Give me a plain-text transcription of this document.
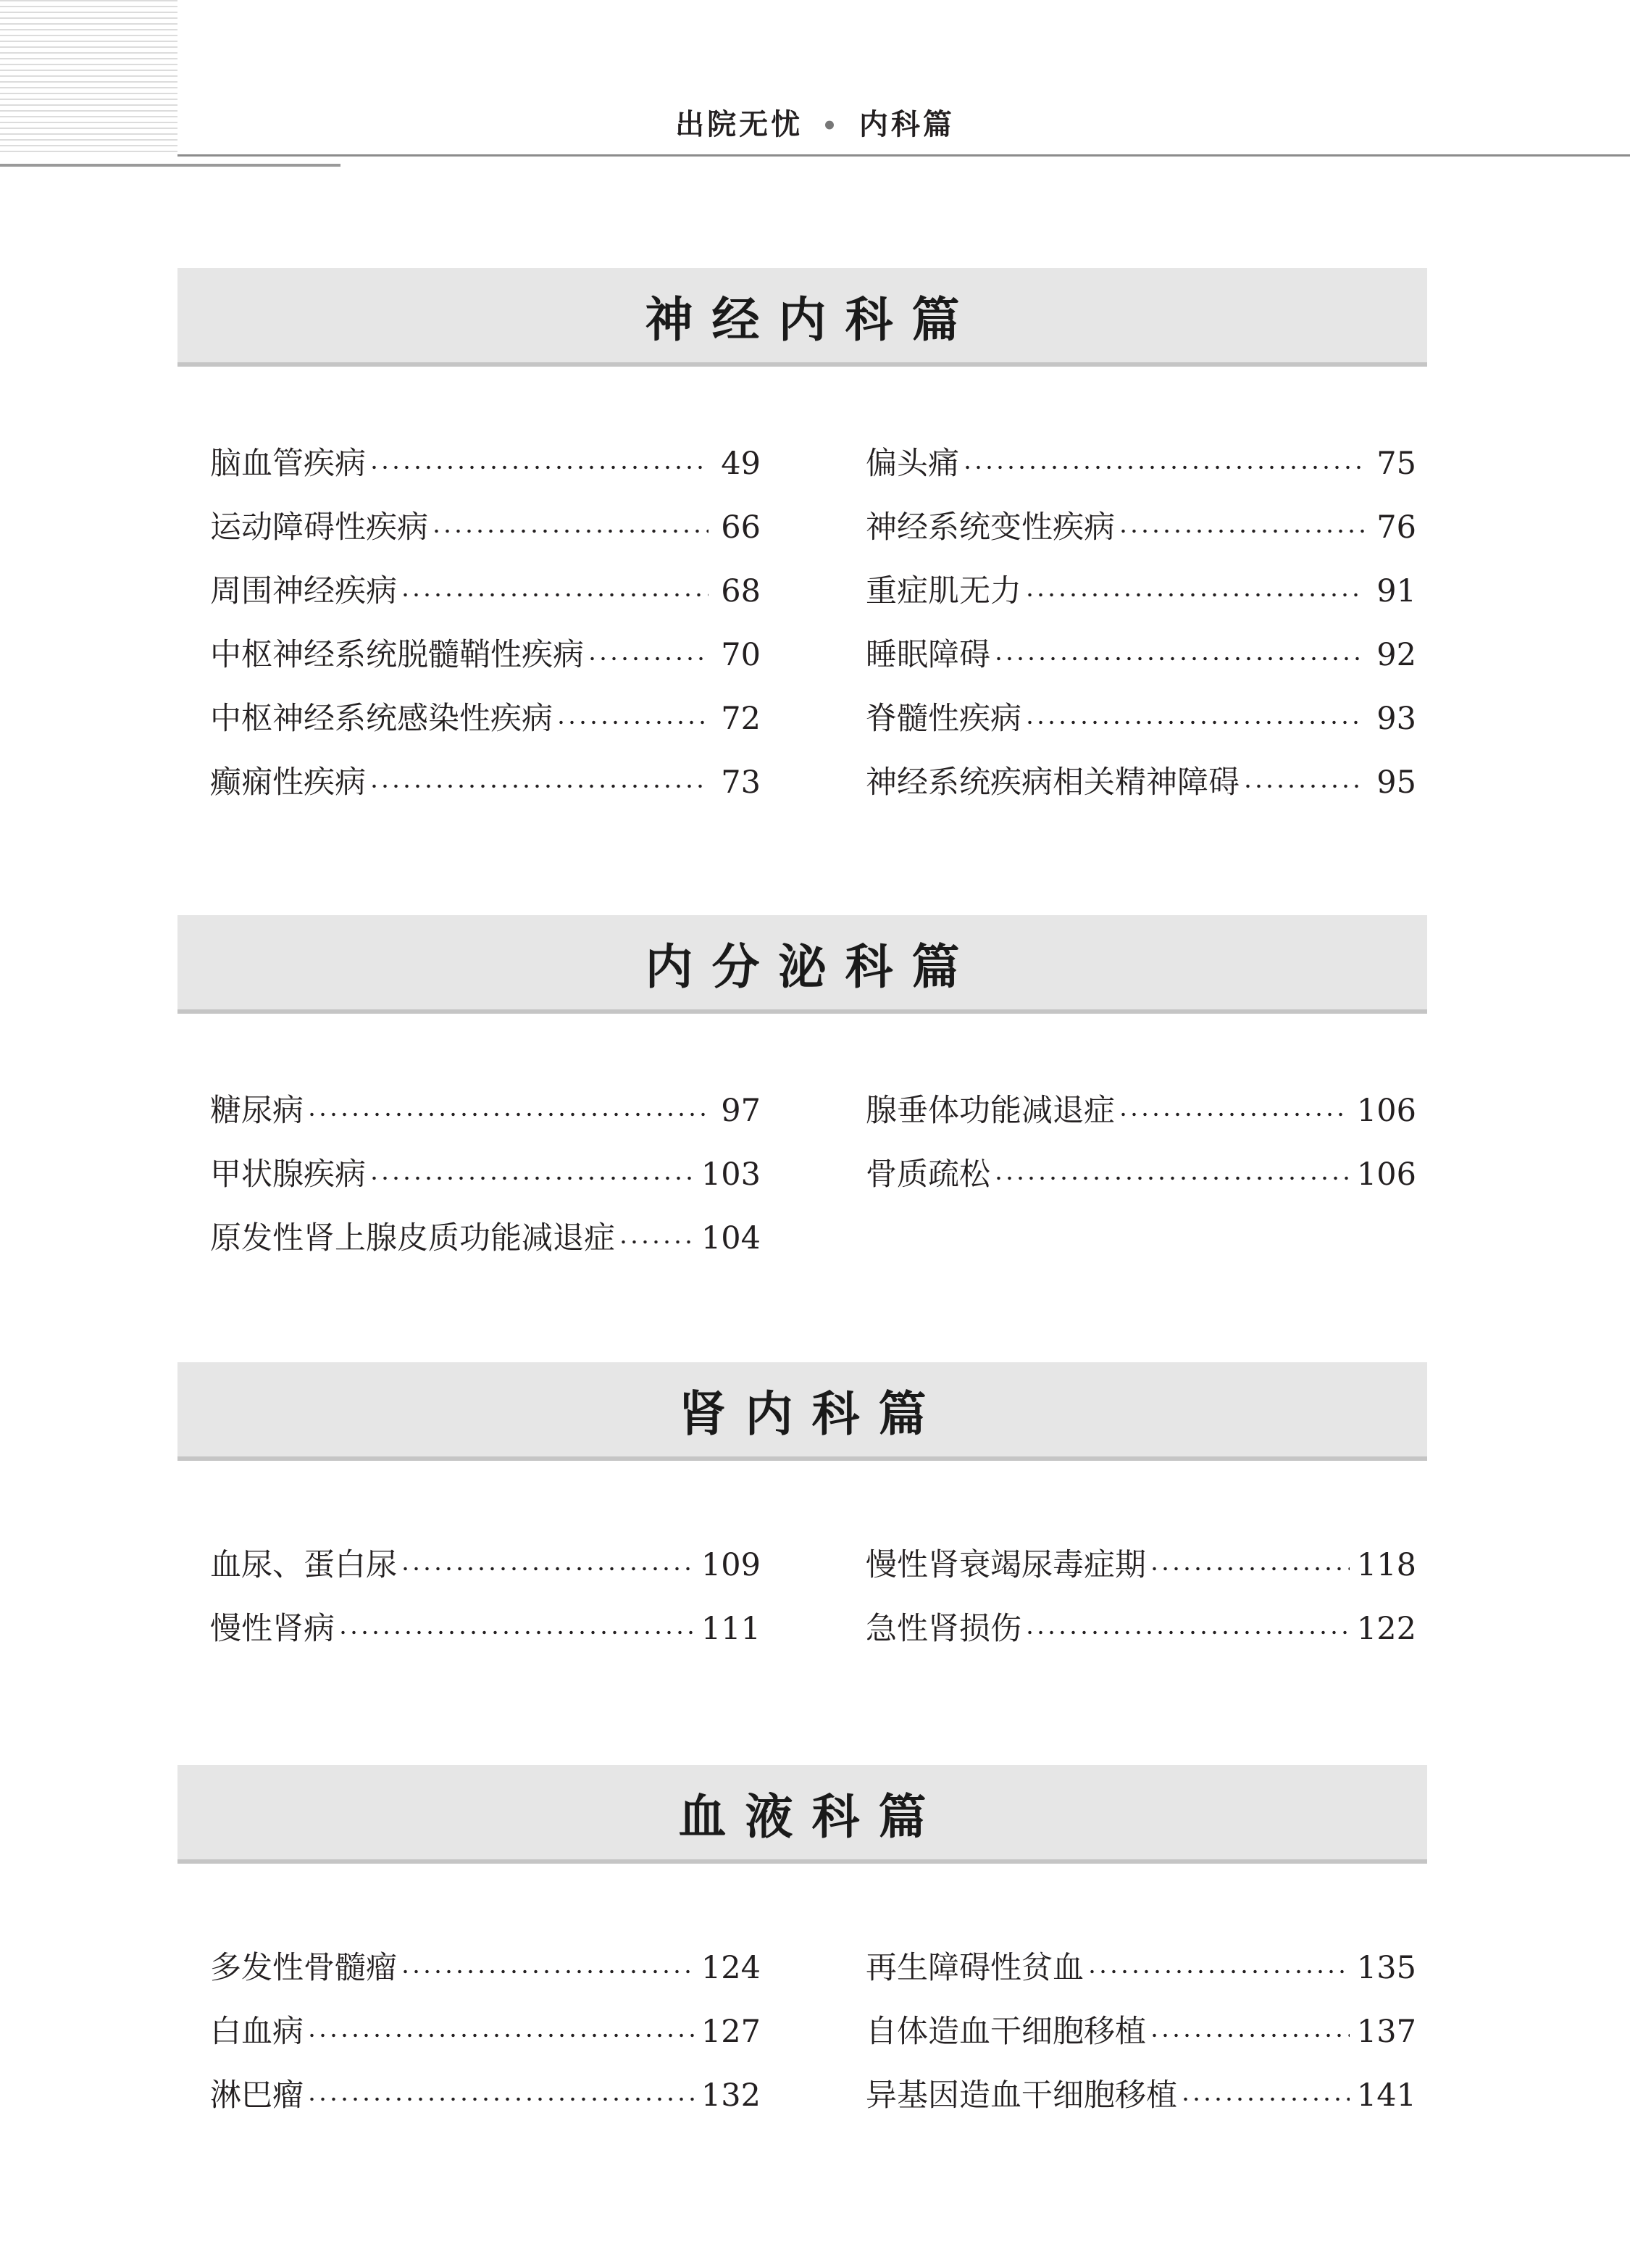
出院无忧 • 内科篇
神经内科篇
脑血管疾病	49
运动障碍性疾病	66
周围神经疾病	68
中枢神经系统脱髓鞘性疾病	70
中枢神经系统感染性疾病	72
癫痫性疾病	73
偏头痛	75
神经系统变性疾病	76
重症肌无力	91
睡眠障碍	92
脊髓性疾病	93
神经系统疾病相关精神障碍	95
内分泌科篇
糖尿病	97
甲状腺疾病	103
原发性肾上腺皮质功能减退症	104
腺垂体功能减退症	106
骨质疏松	106
肾内科篇
血尿、蛋白尿	109
慢性肾病	111
慢性肾衰竭尿毒症期	118
急性肾损伤	122
血液科篇
多发性骨髓瘤	124
白血病	127
淋巴瘤	132
再生障碍性贫血	135
自体造血干细胞移植	137
异基因造血干细胞移植	141
